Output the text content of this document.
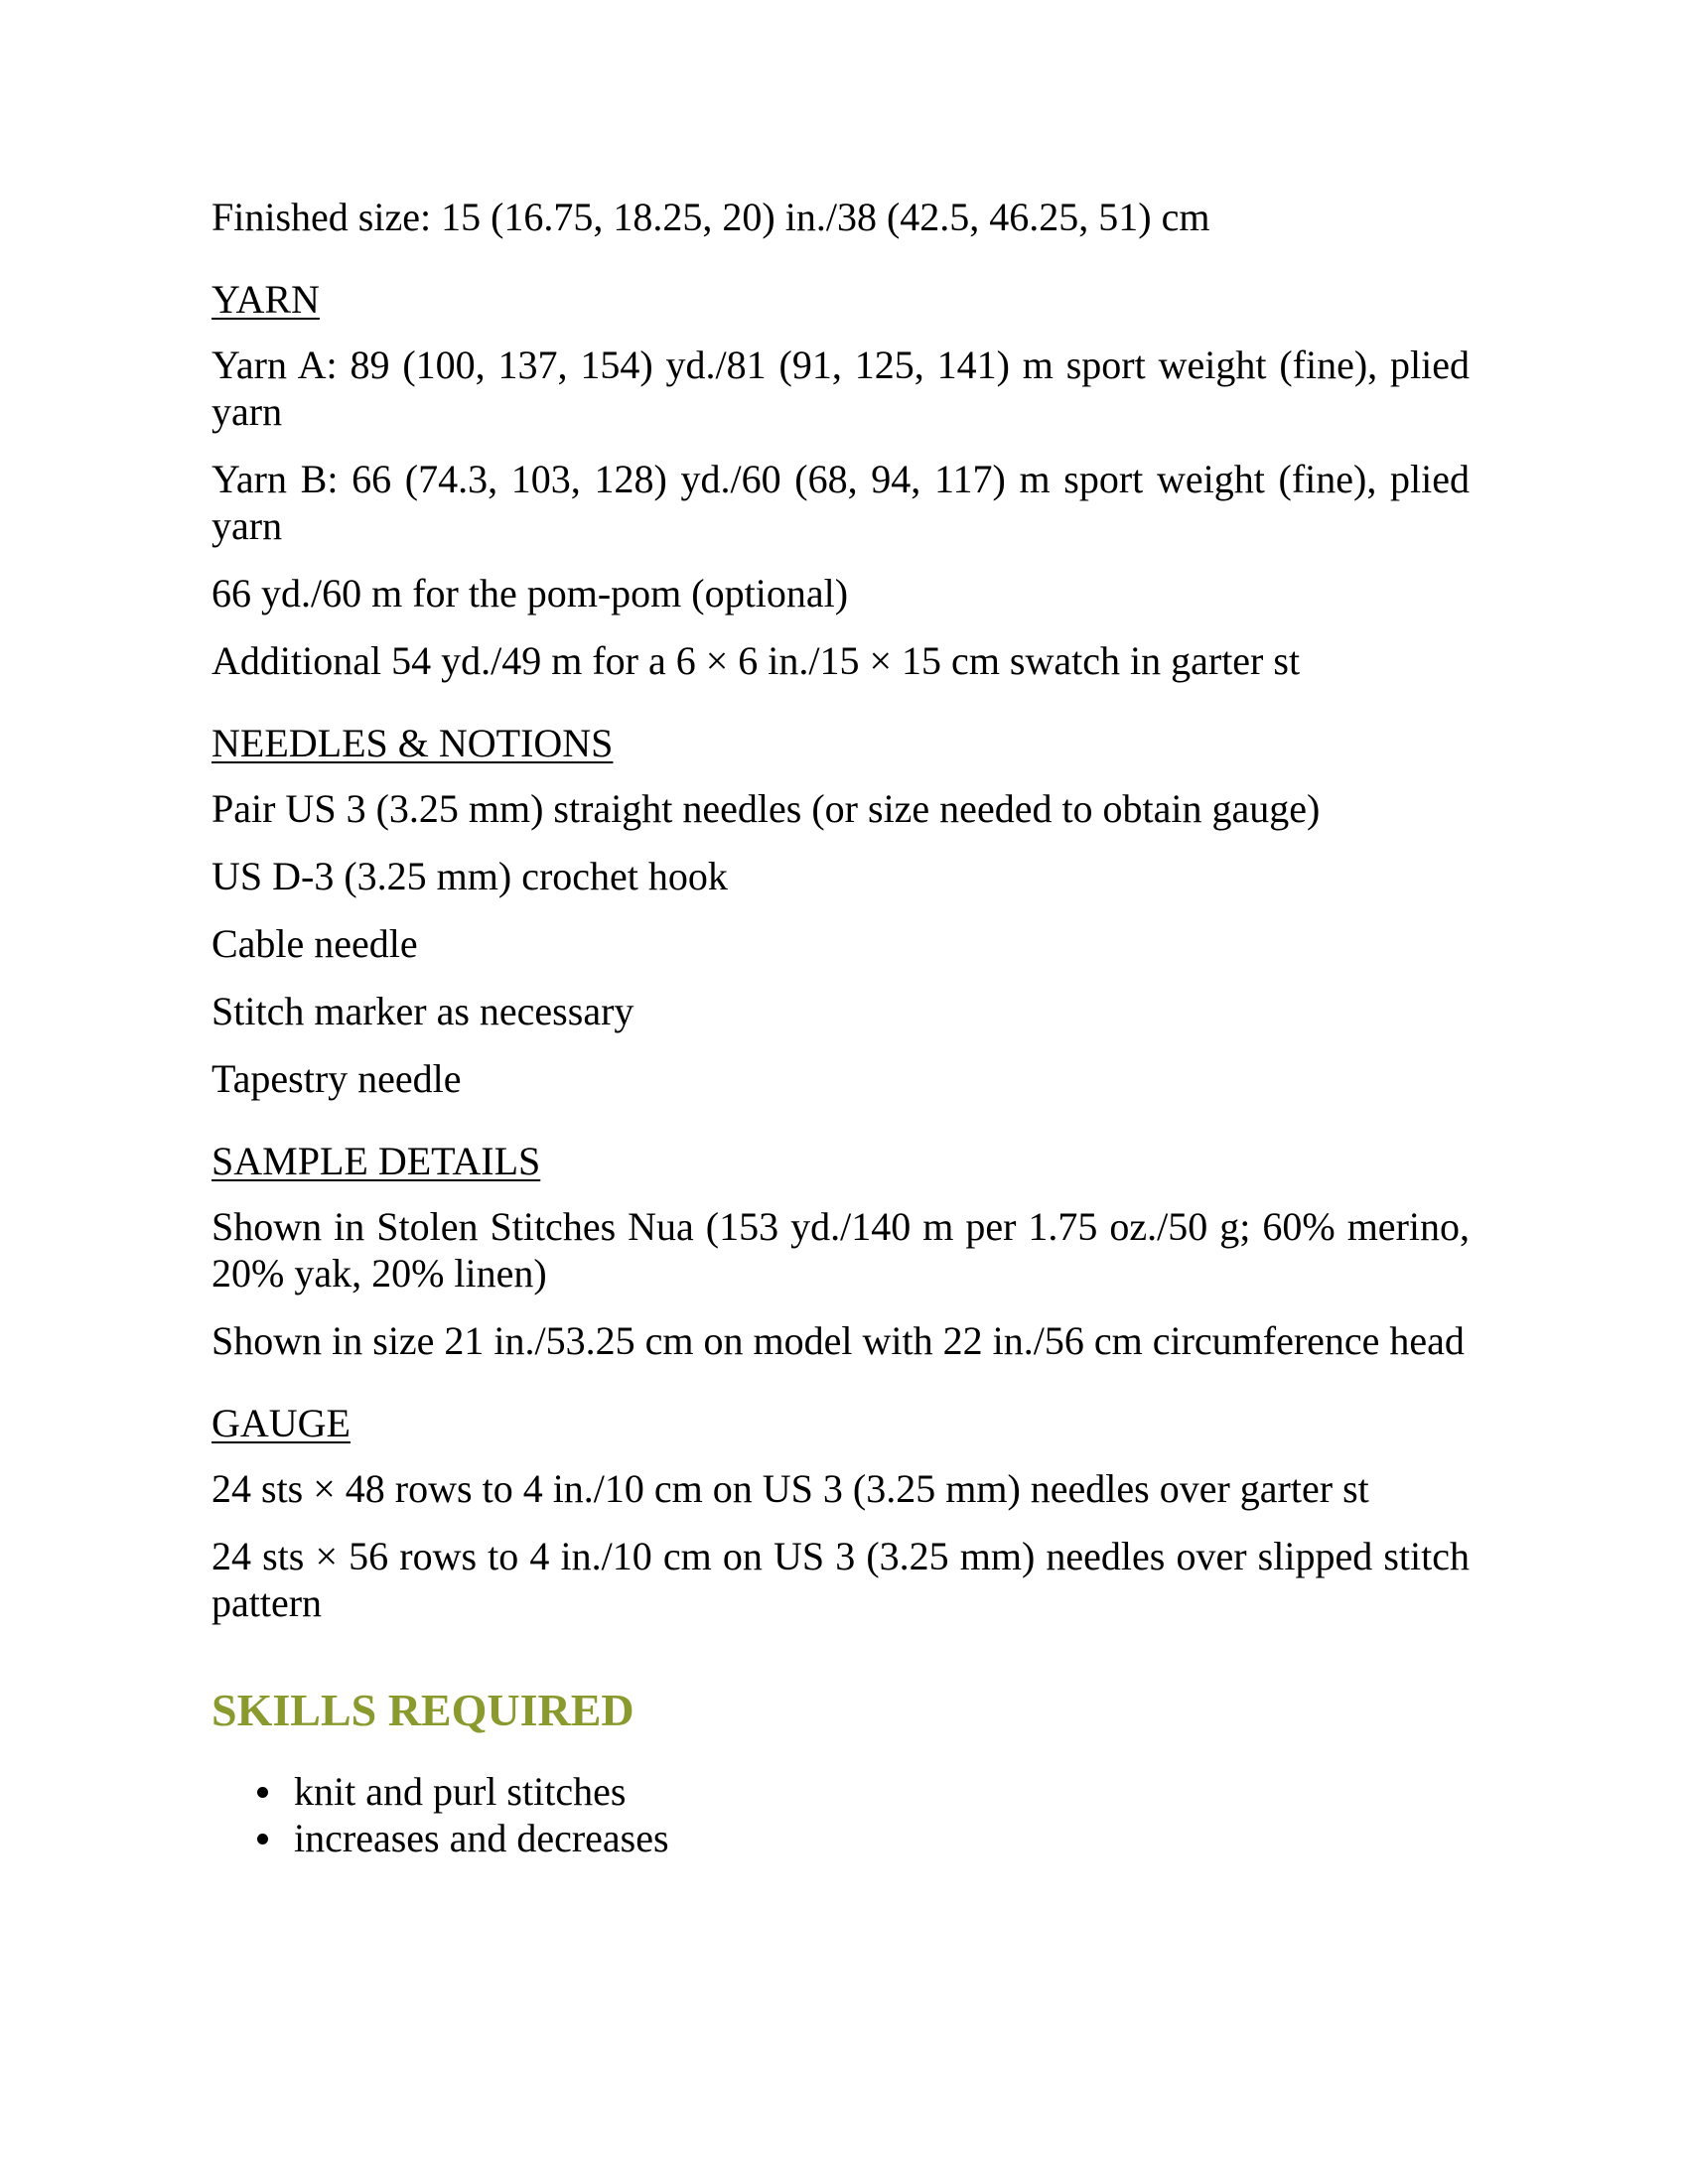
Finished size: 15 (16.75, 18.25, 20) in./38 (42.5, 46.25, 51) cm

YARN

Yarn A: 89 (100, 137, 154) yd./81 (91, 125, 141) m sport weight (fine), plied yarn

Yarn B: 66 (74.3, 103, 128) yd./60 (68, 94, 117) m sport weight (fine), plied yarn

66 yd./60 m for the pom-pom (optional)

Additional 54 yd./49 m for a 6 × 6 in./15 × 15 cm swatch in garter st

NEEDLES & NOTIONS

Pair US 3 (3.25 mm) straight needles (or size needed to obtain gauge)

US D-3 (3.25 mm) crochet hook

Cable needle

Stitch marker as necessary

Tapestry needle

SAMPLE DETAILS

Shown in Stolen Stitches Nua (153 yd./140 m per 1.75 oz./50 g; 60% merino, 20% yak, 20% linen)

Shown in size 21 in./53.25 cm on model with 22 in./56 cm circumference head

GAUGE

24 sts × 48 rows to 4 in./10 cm on US 3 (3.25 mm) needles over garter st

24 sts × 56 rows to 4 in./10 cm on US 3 (3.25 mm) needles over slipped stitch pattern

SKILLS REQUIRED
knit and purl stitches
increases and decreases
